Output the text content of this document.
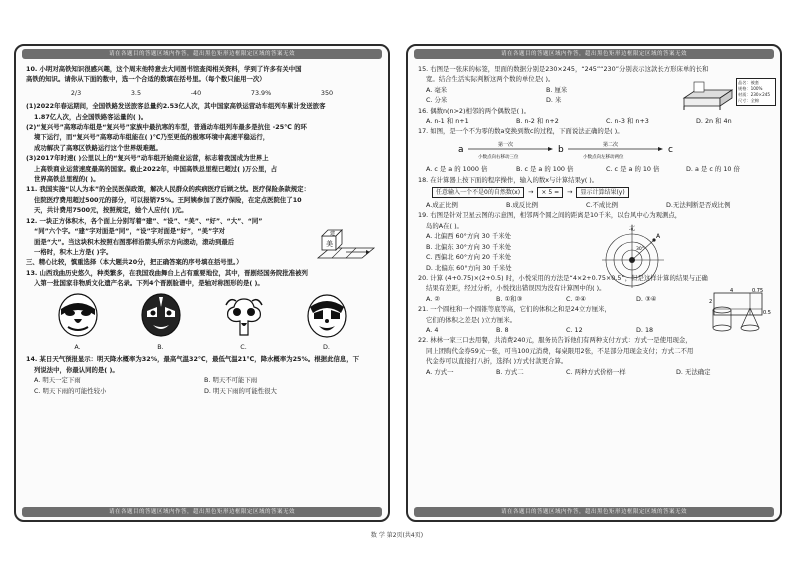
请在各题目的答题区域内作答，超出黑色矩形边框限定区域的答案无效
10. 小明对高铁知识很感兴趣，这个周末他特意去大同图书馆查阅相关资料，学到了许多有关中国
高铁的知识。请你从下面的数中，选一个合适的数填在括号里。（每个数只能用一次）
2/3	3.5	-40	73.9%	350
(1)2022年春运期间，全国铁路发送旅客总量约2.53亿人次，其中国家高铁运营动车组列车累计发送旅客
1.87亿人次，占全国铁路客运量的( )。
(2)“复兴号”高寒动车组是“复兴号”家族中最抗寒的车型，普通动车组列车最多是抗住 -25℃ 的环
境下运行，而“复兴号”高寒动车组能在( )℃乃至更低的极寒环境中高速平稳运行，
成功解决了高寒区铁路运行这个世界级难题。
(3)2017年时速( )公里以上的“复兴号”动车组开始商业运营，标志着我国成为世界上
上高铁商业运营速度最高的国家。截止2022年，中国高铁总里程已超过( )万公里，占
世界高铁总里程的( )。
11. 我国实施“以人为本”的全民医保政策，解决人民群众的疾病医疗后顾之忧。医疗保险条款规定：
住院医疗费用超过500元的部分，可以报销75%。王阿姨参加了医疗保险，在定点医院住了10
天，共计费用7500元，按照规定，她个人应付( )元。
12. 一块正方体积木，各个面上分别写着“建”、“设”、“美”、“好”、“大”、“同”
“同”六个字。“建”字对面是“同”，“设”字对面是“好”，“美”字对
面是“大”。当这块积木按照右图那样沿箭头所示方向滚动，滚动到最后
一格时，积木上方是( )字。
美
建
三、精心比较，慎重选择（本大题共20分，把正确答案的序号填在括号里。）
13. 山西戏曲历史悠久，种类繁多，在我国戏曲舞台上占有重要地位，其中，晋剧经国务院批准被列
入第一批国家非物质文化遗产名录。下列4个晋剧脸谱中，是轴对称图形的是( )。
A.	B.	C.	D.
14. 某日天气预报显示：明天降水概率为32%，最高气温32℃，最低气温21℃，降水概率为25%。根据此信息，下
列说法中，你最认同的是( )。
A. 明天一定下雨	B. 明天不可能下雨
C. 明天下雨的可能性较小	D. 明天下雨的可能性很大
请在各题目的答题区域内作答，超出黑色矩形边框限定区域的答案无效
请在各题目的答题区域内作答，超出黑色矩形边框限定区域的答案无效
15. 右图是一张床的标签，里面的数据分别是230×245，“245”“230”分别表示这款长方形床单的长和
宽。结合生活实际判断这两个数的单位是( )。
A. 毫米	B. 厘米
C. 分米	D. 米
品名：被套
规格：100%
材质：230×245
尺寸：全棉
16. 偶数n(n>2)相邻的两个偶数是( )。
A. n-1 和 n+1	B. n-2 和 n+2	C. n-3 和 n+3	D. 2n 和 4n
17. 如图，是一个不为零的数a变换到数c的过程，下面说法正确的是( )。
a	第一次
小数点向右移动三位
b	第二次
小数点向左移动两位
c
A. c 是 a 的 1000 倍	B. c 是 a 的 100 倍	C. c 是 a 的 10 倍	D. a 是 c 的 10 倍
18. 在计算器上按下面的程序操作，输入的数x与计算结果y( )。
任意输入一个不是0的自然数(x)	→	× 5 =	→	显示计算结果(y)
A.成正比例	B.成反比例	C.不成比例	D.无法判断是否成比例
19. 右图是针对卫星云图的示意图，相邻两个圆之间的距离是10千米，以台风中心为观测点，
岛的A在( )。
A. 北偏西 60°方向 30 千米处
B. 北偏东 30°方向 30 千米处
C. 西偏北 60°方向 20 千米处
D. 北偏东 60°方向 30 千米处
北
A
30°
20. 计算 (4+0.75)×(2+0.5) 时，小悦采用的方法是“4×2+0.75×0.5”，但是这样计算的结果与正确
结果有差距，经过分析，小悦找出错误因为没有计算图中的( )。
A. ②	B. ①和③	C. ②④	D. ③④
4	0.75
2
0.5
21. 一个圆柱和一个圆锥等底等高，它们的体积之和是24立方厘米，
它们的体积之差是( )立方厘米。
A. 4	B. 8	C. 12	D. 18
22. 林林一家三口去用餐，共消费240元，服务员告诉他们有两种支付方式：方式一是使用现金，
同上团购代金券59元一张，可当100元消费，每桌限用2张，不足部分用现金支付；方式二不用
代金券可以直接打八折，选择( )方式付款更合算。
A. 方式一	B. 方式二	C. 两种方式价格一样	D. 无法确定
请在各题目的答题区域内作答，超出黑色矩形边框限定区域的答案无效
数 学 第2页(共4页)
